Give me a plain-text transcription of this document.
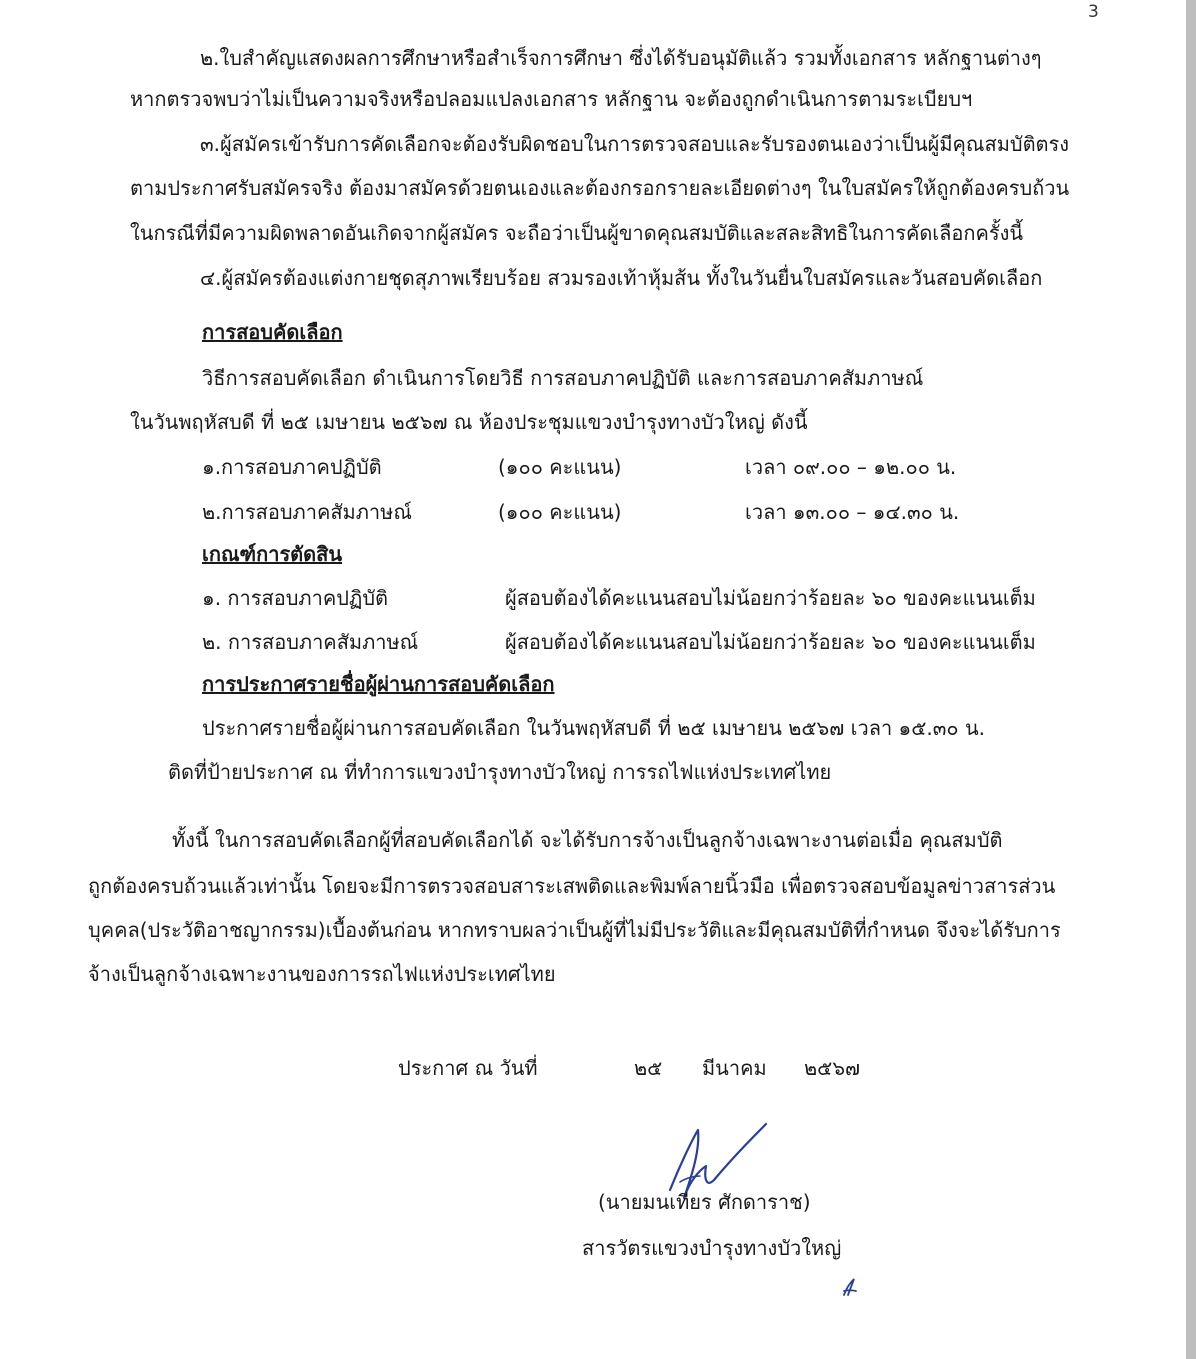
3

๒.ใบสำคัญแสดงผลการศึกษาหรือสำเร็จการศึกษา ซึ่งได้รับอนุมัติแล้ว รวมทั้งเอกสาร หลักฐานต่างๆ

หากตรวจพบว่าไม่เป็นความจริงหรือปลอมแปลงเอกสาร หลักฐาน จะต้องถูกดำเนินการตามระเบียบฯ

๓.ผู้สมัครเข้ารับการคัดเลือกจะต้องรับผิดชอบในการตรวจสอบและรับรองตนเองว่าเป็นผู้มีคุณสมบัติตรง

ตามประกาศรับสมัครจริง ต้องมาสมัครด้วยตนเองและต้องกรอกรายละเอียดต่างๆ ในใบสมัครให้ถูกต้องครบถ้วน

ในกรณีที่มีความผิดพลาดอันเกิดจากผู้สมัคร จะถือว่าเป็นผู้ขาดคุณสมบัติและสละสิทธิในการคัดเลือกครั้งนี้

๔.ผู้สมัครต้องแต่งกายชุดสุภาพเรียบร้อย สวมรองเท้าหุ้มส้น ทั้งในวันยื่นใบสมัครและวันสอบคัดเลือก

การสอบคัดเลือก

วิธีการสอบคัดเลือก ดำเนินการโดยวิธี การสอบภาคปฏิบัติ และการสอบภาคสัมภาษณ์

ในวันพฤหัสบดี ที่ ๒๕ เมษายน ๒๕๖๗ ณ ห้องประชุมแขวงบำรุงทางบัวใหญ่ ดังนี้

๑.การสอบภาคปฏิบัติ	(๑๐๐ คะแนน)	เวลา ๐๙.๐๐ – ๑๒.๐๐ น.

๒.การสอบภาคสัมภาษณ์	(๑๐๐ คะแนน)	เวลา ๑๓.๐๐ – ๑๔.๓๐ น.

เกณฑ์การตัดสิน

๑. การสอบภาคปฏิบัติ	ผู้สอบต้องได้คะแนนสอบไม่น้อยกว่าร้อยละ ๖๐ ของคะแนนเต็ม

๒. การสอบภาคสัมภาษณ์	ผู้สอบต้องได้คะแนนสอบไม่น้อยกว่าร้อยละ ๖๐ ของคะแนนเต็ม

การประกาศรายชื่อผู้ผ่านการสอบคัดเลือก

ประกาศรายชื่อผู้ผ่านการสอบคัดเลือก ในวันพฤหัสบดี ที่ ๒๕ เมษายน ๒๕๖๗ เวลา ๑๕.๓๐ น.

ติดที่ป้ายประกาศ ณ ที่ทำการแขวงบำรุงทางบัวใหญ่ การรถไฟแห่งประเทศไทย

ทั้งนี้ ในการสอบคัดเลือกผู้ที่สอบคัดเลือกได้ จะได้รับการจ้างเป็นลูกจ้างเฉพาะงานต่อเมื่อ คุณสมบัติ

ถูกต้องครบถ้วนแล้วเท่านั้น โดยจะมีการตรวจสอบสาระเสพติดและพิมพ์ลายนิ้วมือ เพื่อตรวจสอบข้อมูลข่าวสารส่วน

บุคคล(ประวัติอาชญากรรม)เบื้องต้นก่อน หากทราบผลว่าเป็นผู้ที่ไม่มีประวัติและมีคุณสมบัติที่กำหนด จึงจะได้รับการ

จ้างเป็นลูกจ้างเฉพาะงานของการรถไฟแห่งประเทศไทย

ประกาศ ณ วันที่	๒๕ มีนาคม ๒๕๖๗

(นายมนเทียร ศักดาราช)

สารวัตรแขวงบำรุงทางบัวใหญ่
